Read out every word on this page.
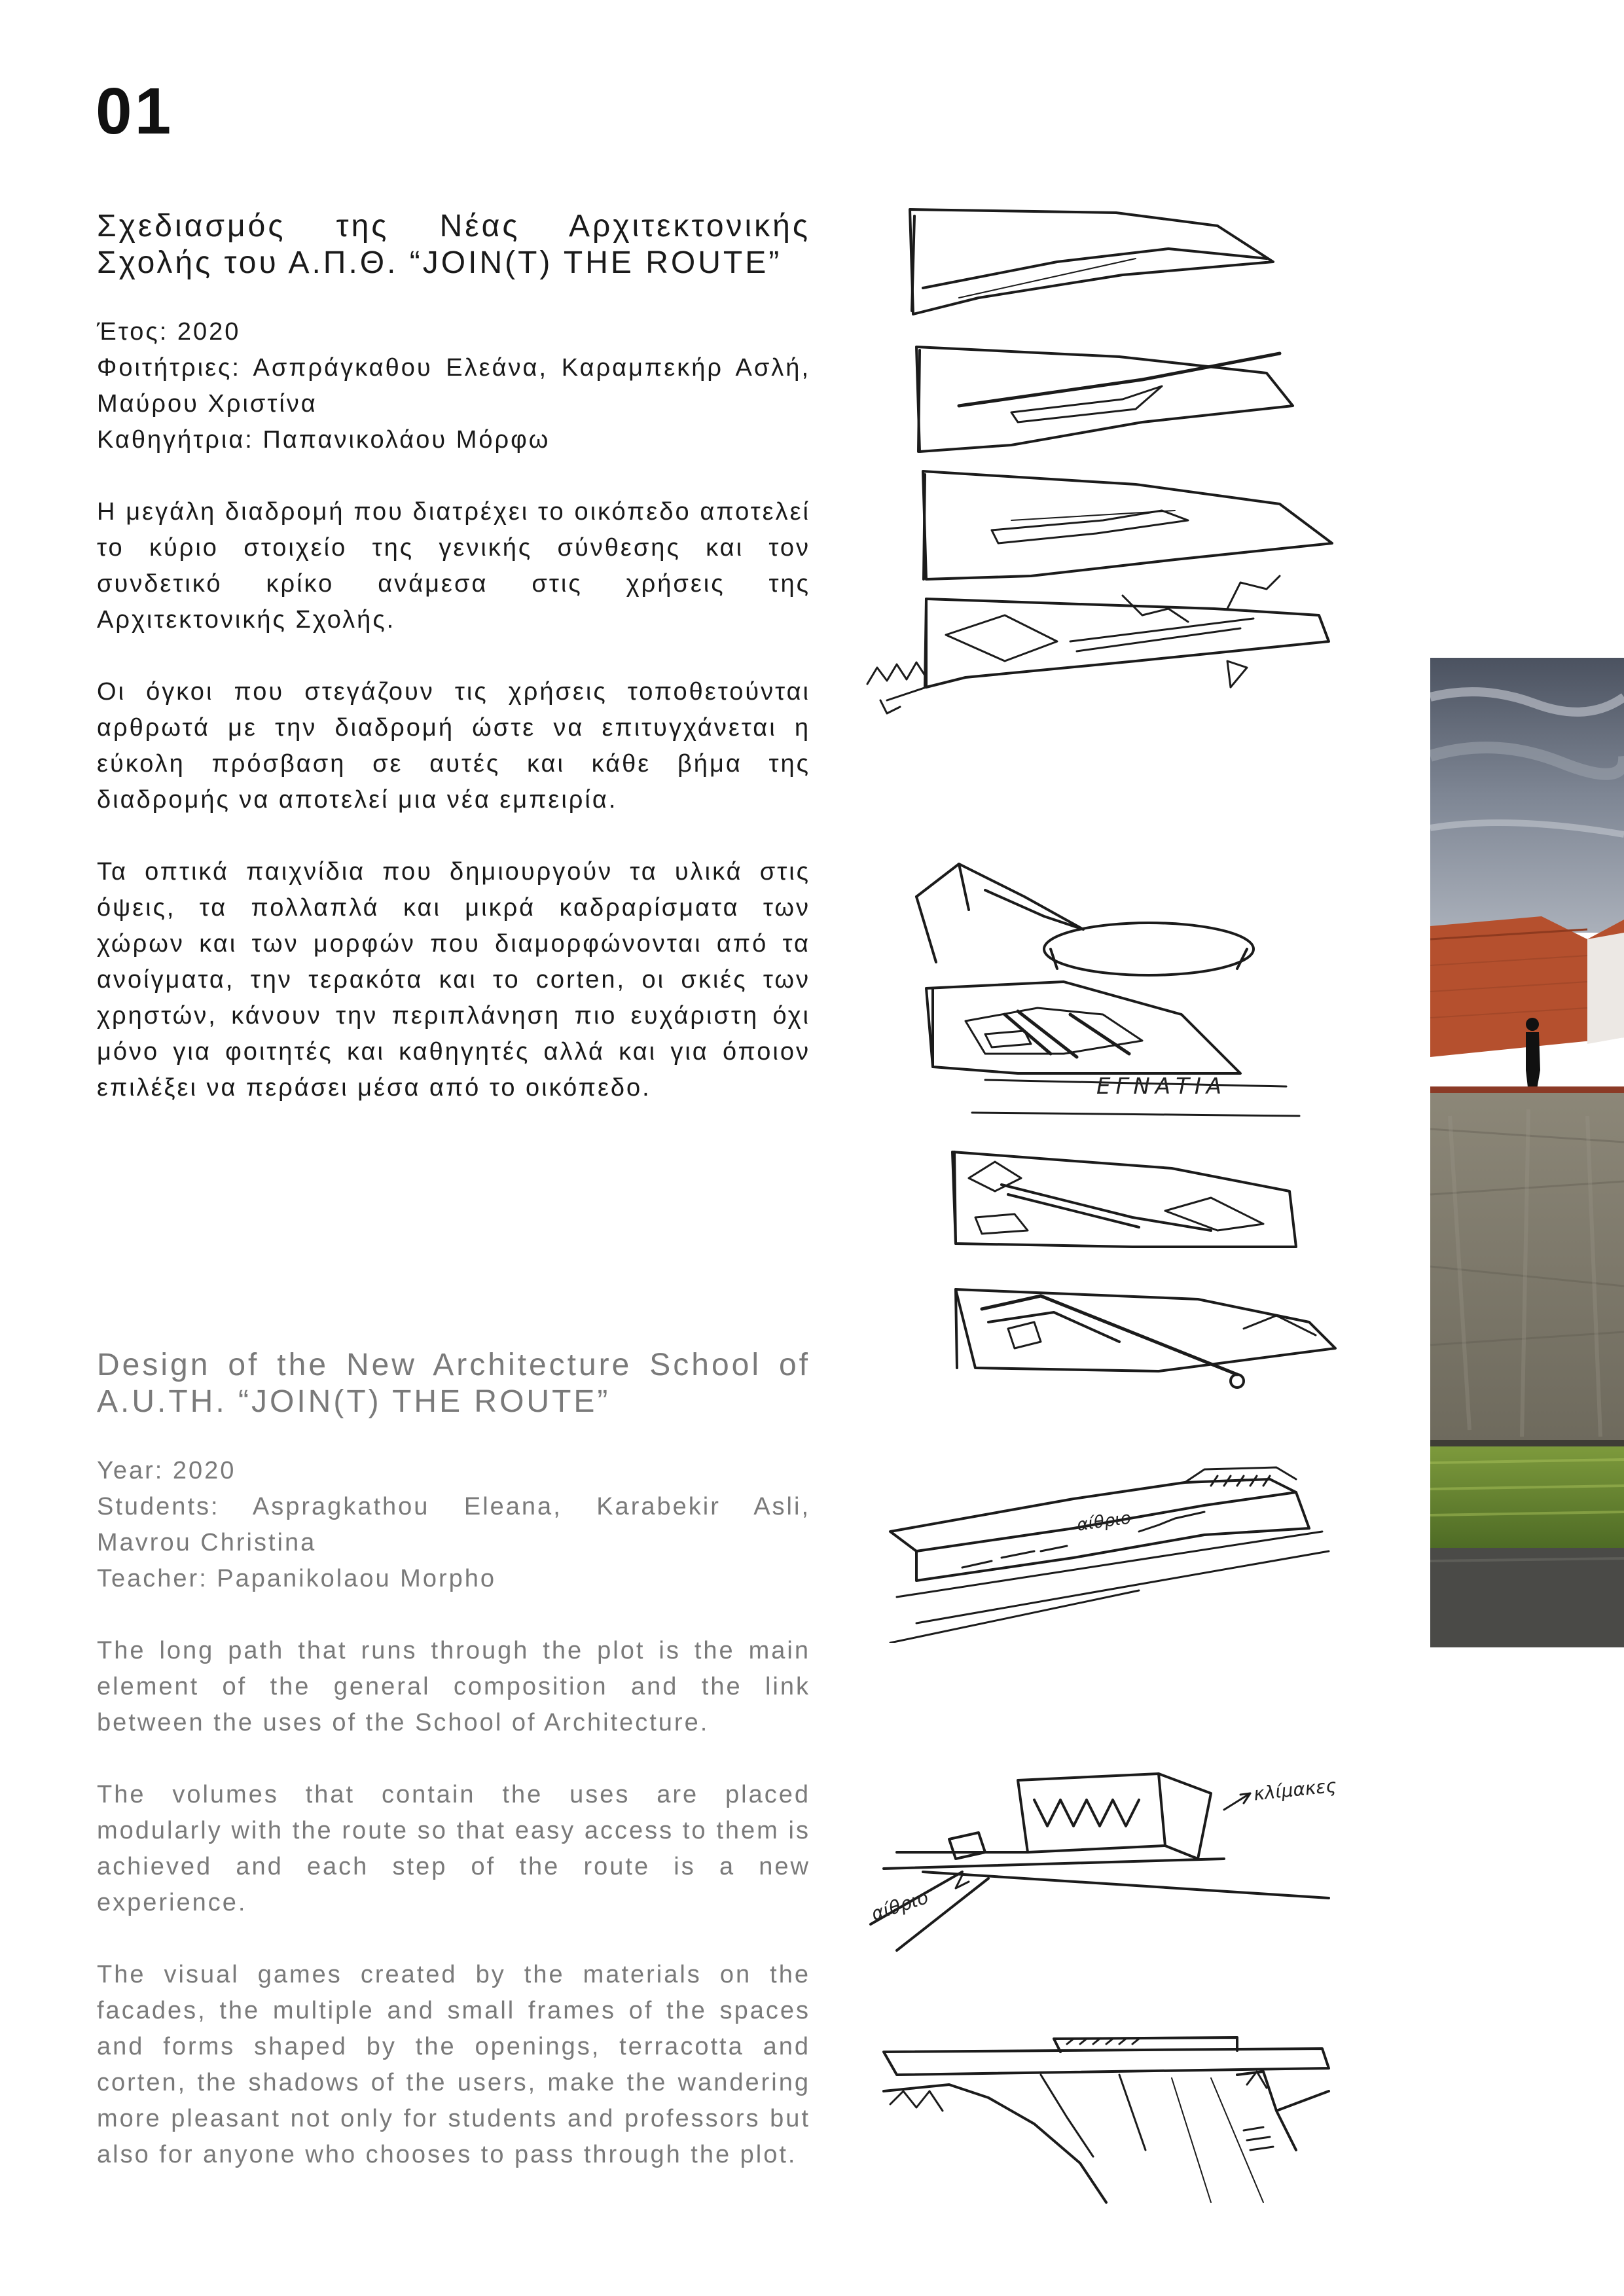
01

Σχεδιασμός της Νέας Αρχιτεκτονικής Σχολής του Α.Π.Θ. “JOIN(T) THE ROUTE”

Έτος: 2020

Φοιτήτριες: Ασπράγκαθου Ελεάνα, Καραμπεκήρ Ασλή, Μαύρου Χριστίνα

Καθηγήτρια: Παπανικολάου Μόρφω

Η μεγάλη διαδρομή που διατρέχει το οικόπεδο αποτελεί το κύριο στοιχείο της γενικής σύνθεσης και τον συνδετικό κρίκο ανάμεσα στις χρήσεις της Αρχιτεκτονικής Σχολής.

Οι όγκοι που στεγάζουν τις χρήσεις τοποθετούνται αρθρωτά με την διαδρομή ώστε να επιτυγχάνεται η εύκολη πρόσβαση σε αυτές και κάθε βήμα της διαδρομής να αποτελεί μια νέα εμπειρία.

Τα οπτικά παιχνίδια που δημιουργούν τα υλικά στις όψεις, τα πολλαπλά και μικρά καδραρίσματα των χώρων και των μορφών που διαμορφώνονται από τα ανοίγματα, την τερακότα και το corten, οι σκιές των χρηστών, κάνουν την περιπλάνηση πιο ευχάριστη όχι μόνο για φοιτητές και καθηγητές αλλά και για όποιον επιλέξει να περάσει μέσα από το οικόπεδο.

Design of the New Architecture School of A.U.TH. “JOIN(T) THE ROUTE”

Year: 2020

Students: Aspragkathou Eleana, Karabekir Asli, Mavrou Christina

Teacher: Papanikolaou Morpho

The long path that runs through the plot is the main element of the general composition and the link between the uses of the School of Architecture.

The volumes that contain the uses are placed modularly with the route so that easy access to them is achieved and each step of the route is a new experience.

The visual games created by the materials on the facades, the multiple and small frames of the spaces and forms shaped by the openings, terracotta and corten, the shadows of the users, make the wandering more pleasant not only for students and professors but also for anyone who chooses to pass through the plot.

ΕΓΝΑΤΙΑ
αίθριο
αίθριο
κλίμακες
